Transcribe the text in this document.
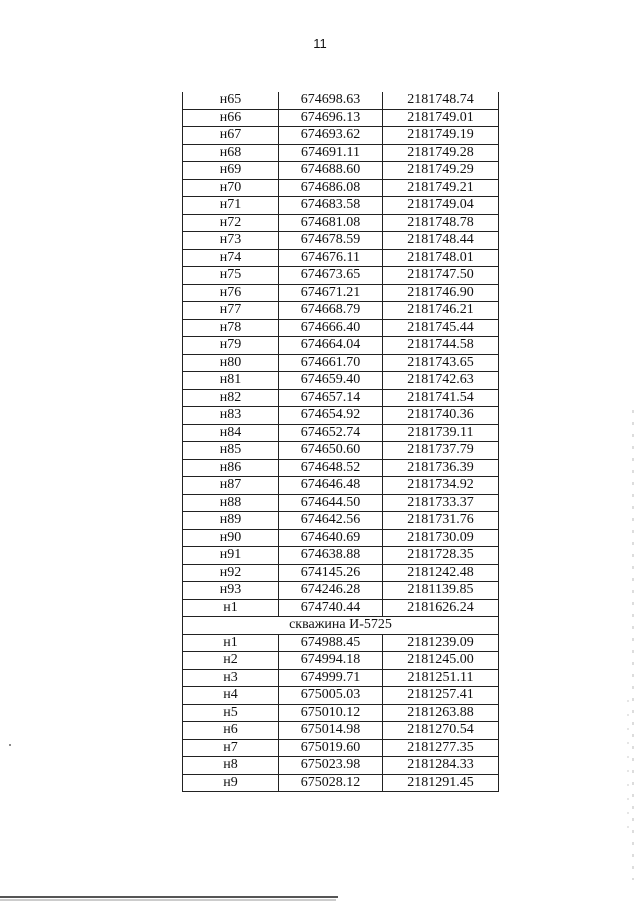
11
н65	674698.63	2181748.74
н66	674696.13	2181749.01
н67	674693.62	2181749.19
н68	674691.11	2181749.28
н69	674688.60	2181749.29
н70	674686.08	2181749.21
н71	674683.58	2181749.04
н72	674681.08	2181748.78
н73	674678.59	2181748.44
н74	674676.11	2181748.01
н75	674673.65	2181747.50
н76	674671.21	2181746.90
н77	674668.79	2181746.21
н78	674666.40	2181745.44
н79	674664.04	2181744.58
н80	674661.70	2181743.65
н81	674659.40	2181742.63
н82	674657.14	2181741.54
н83	674654.92	2181740.36
н84	674652.74	2181739.11
н85	674650.60	2181737.79
н86	674648.52	2181736.39
н87	674646.48	2181734.92
н88	674644.50	2181733.37
н89	674642.56	2181731.76
н90	674640.69	2181730.09
н91	674638.88	2181728.35
н92	674145.26	2181242.48
н93	674246.28	2181139.85
н1	674740.44	2181626.24
скважина И-5725		
н1	674988.45	2181239.09
н2	674994.18	2181245.00
н3	674999.71	2181251.11
н4	675005.03	2181257.41
н5	675010.12	2181263.88
н6	675014.98	2181270.54
н7	675019.60	2181277.35
н8	675023.98	2181284.33
н9	675028.12	2181291.45
